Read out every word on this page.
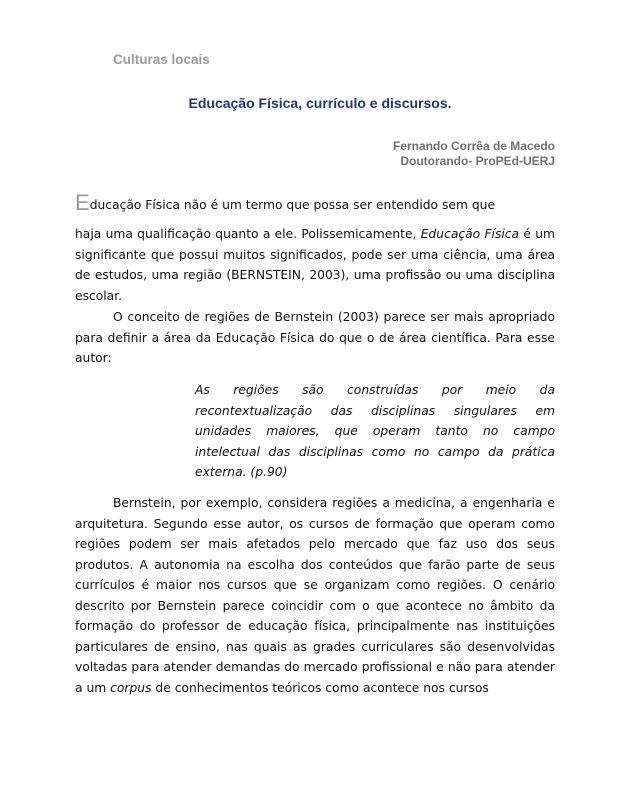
Culturas locais

Educação Física, currículo e discursos.
Fernando Corrêa de Macedo
Doutorando- ProPEd-UERJ

Educação Física não é um termo que possa ser entendido sem que

haja uma qualificação quanto a ele. Polissemicamente, Educação Física é um significante que possui muitos significados, pode ser uma ciência, uma área de estudos, uma região (BERNSTEIN, 2003), uma profissão ou uma disciplina escolar.

O conceito de regiões de Bernstein (2003) parece ser mais apropriado para definir a área da Educação Física do que o de área científica. Para esse autor:

As regiões são construídas por meio da recontextualização das disciplinas singulares em unidades maiores, que operam tanto no campo intelectual das disciplinas como no campo da prática externa. (p.90)

Bernstein, por exemplo, considera regiões a medicina, a engenharia e arquitetura. Segundo esse autor, os cursos de formação que operam como regiões podem ser mais afetados pelo mercado que faz uso dos seus produtos. A autonomia na escolha dos conteúdos que farão parte de seus currículos é maior nos cursos que se organizam como regiões. O cenário descrito por Bernstein parece coincidir com o que acontece no âmbito da formação do professor de educação física, principalmente nas instituições particulares de ensino, nas quais as grades curriculares são desenvolvidas voltadas para atender demandas do mercado profissional e não para atender a um corpus de conhecimentos teóricos como acontece nos cursos
